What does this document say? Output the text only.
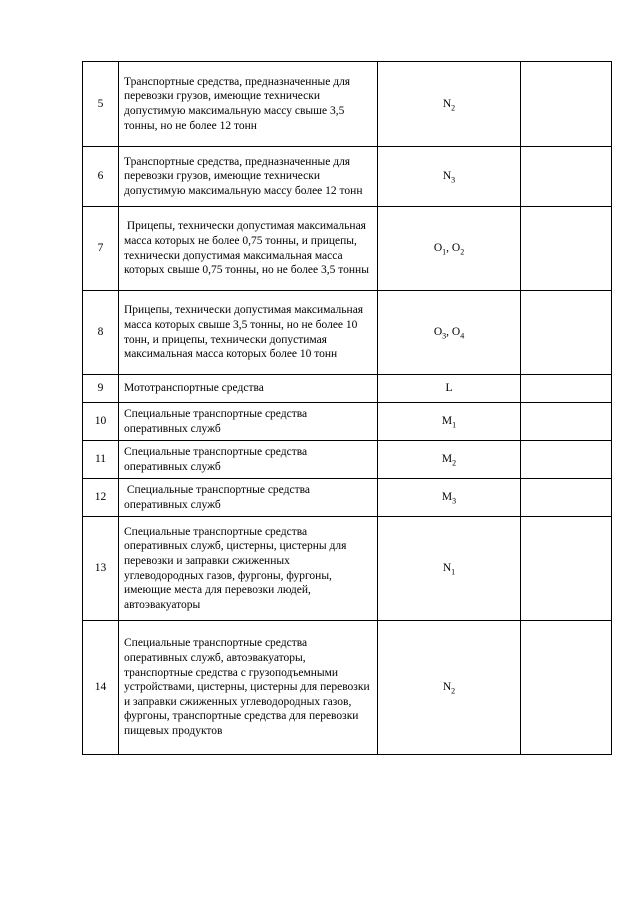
5	Транспортные средства, предназначенные для перевозки грузов, имеющие технически допустимую максимальную массу свыше 3,5 тонны, но не более 12 тонн	$N_2$	
6	Транспортные средства, предназначенные для перевозки грузов, имеющие технически допустимую максимальную массу более 12 тонн	$N_3$	
7	Прицепы, технически допустимая максимальная масса которых не более 0,75 тонны, и прицепы, технически допустимая максимальная масса которых свыше 0,75 тонны, но не более 3,5 тонны	$O_1$, $O_2$	
8	Прицепы, технически допустимая максимальная масса которых свыше 3,5 тонны, но не более 10 тонн, и прицепы, технически допустимая максимальная масса которых более 10 тонн	$O_3$, $O_4$	
9	Мототранспортные средства	L	
10	Специальные транспортные средства оперативных служб	$M_1$	
11	Специальные транспортные средства оперативных служб	$M_2$	
12	Специальные транспортные средства оперативных служб	$M_3$	
13	Специальные транспортные средства оперативных служб, цистерны, цистерны для перевозки и заправки сжиженных углеводородных газов, фургоны, фургоны, имеющие места для перевозки людей, автоэвакуаторы	$N_1$	
14	Специальные транспортные средства оперативных служб, автоэвакуаторы, транспортные средства с грузоподъемными устройствами, цистерны, цистерны для перевозки и заправки сжиженных углеводородных газов, фургоны, транспортные средства для перевозки пищевых продуктов	$N_2$	
